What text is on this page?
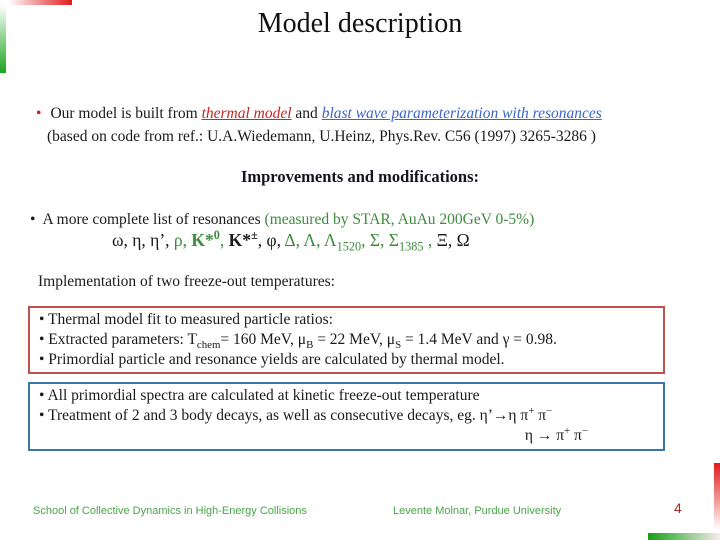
Model description
• Our model is built from thermal model and blast wave parameterization with resonances
(based on code from ref.: U.A.Wiedemann, U.Heinz, Phys.Rev. C56 (1997) 3265-3286 )
Improvements and modifications:
• A more complete list of resonances (measured by STAR, AuAu 200GeV 0-5%)
ω, η, η’, ρ, K*$^0$, K*±, φ, Δ, Λ, $\Lambda_{1520}$, Σ, $\Sigma_{1385}$ , Ξ, Ω
Implementation of two freeze-out temperatures:
• Thermal model fit to measured particle ratios:
• Extracted parameters: $T_{chem}= 160$ MeV, $\mu_B = 22$ MeV, $\mu_S = 1.4$ MeV and γ = 0.98.
• Primordial particle and resonance yields are calculated by thermal model.
• All primordial spectra are calculated at kinetic freeze-out temperature
• Treatment of 2 and 3 body decays, as well as consecutive decays, eg. η’→η π+ π−
η → π+ π−
School of Collective Dynamics in High-Energy Collisions	Levente Molnar, Purdue University	4
